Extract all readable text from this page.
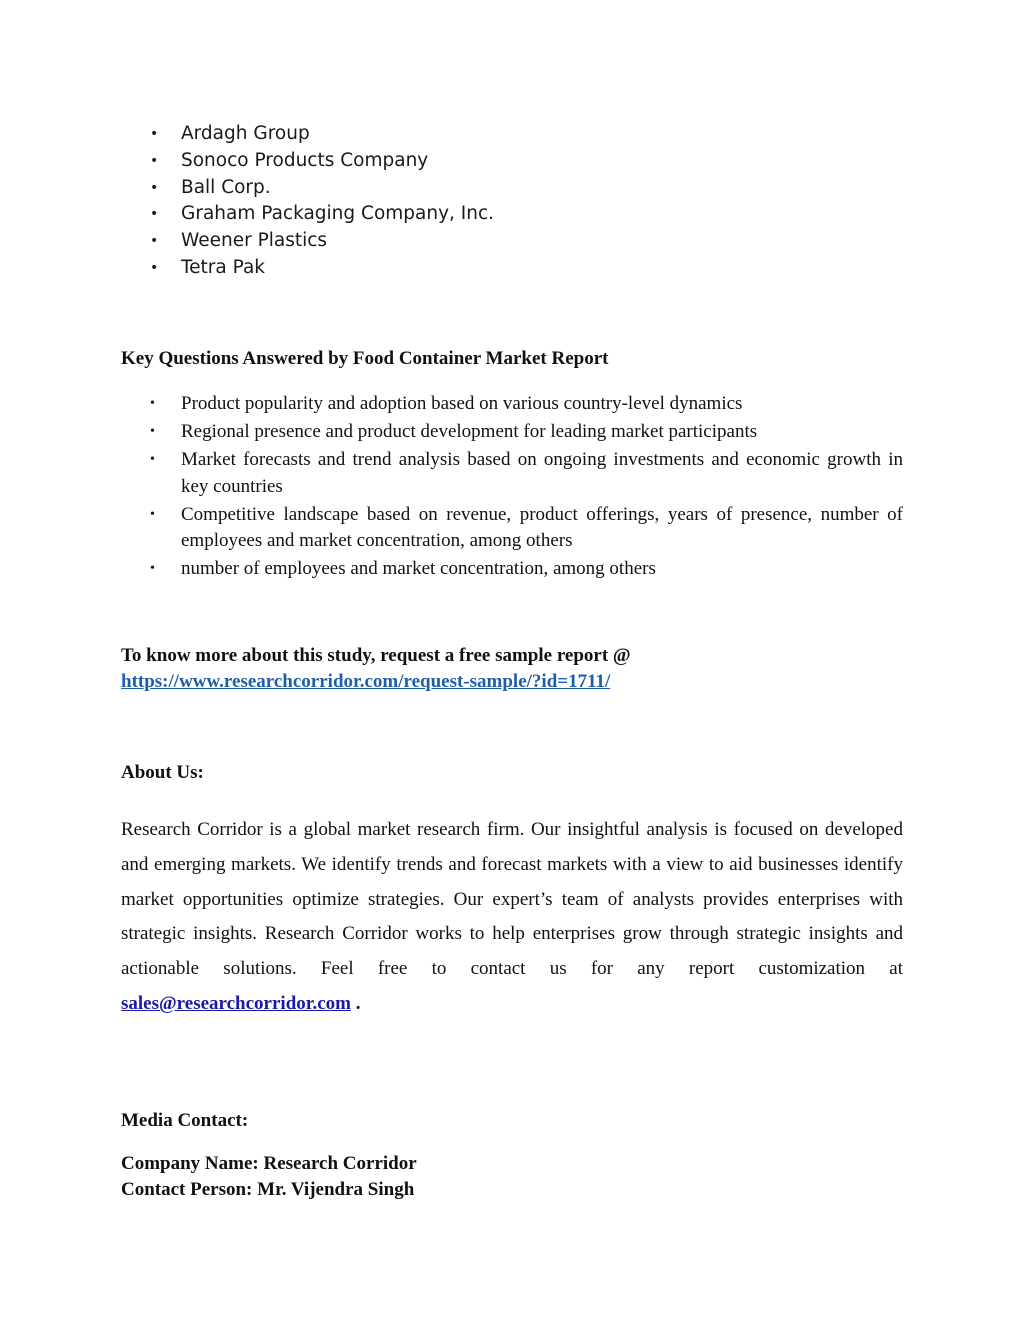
•	Ardagh Group
•	Sonoco Products Company
•	Ball Corp.
•	Graham Packaging Company, Inc.
•	Weener Plastics
•	Tetra Pak
Key Questions Answered by Food Container Market Report
•	Product popularity and adoption based on various country-level dynamics
•	Regional presence and product development for leading market participants
•	Market forecasts and trend analysis based on ongoing investments and economic growth in key countries
•	Competitive landscape based on revenue, product offerings, years of presence, number of employees and market concentration, among others
•	number of employees and market concentration, among others

To know more about this study, request a free sample report @

https://www.researchcorridor.com/request-sample/?id=1711/
About Us:

Research Corridor is a global market research firm. Our insightful analysis is focused on developed and emerging markets. We identify trends and forecast markets with a view to aid businesses identify market opportunities optimize strategies. Our expert’s team of analysts provides enterprises with strategic insights. Research Corridor works to help enterprises grow through strategic insights and actionable solutions. Feel free to contact us for any report customization at sales@researchcorridor.com .

Media Contact:

Company Name: Research Corridor

Contact Person: Mr. Vijendra Singh
